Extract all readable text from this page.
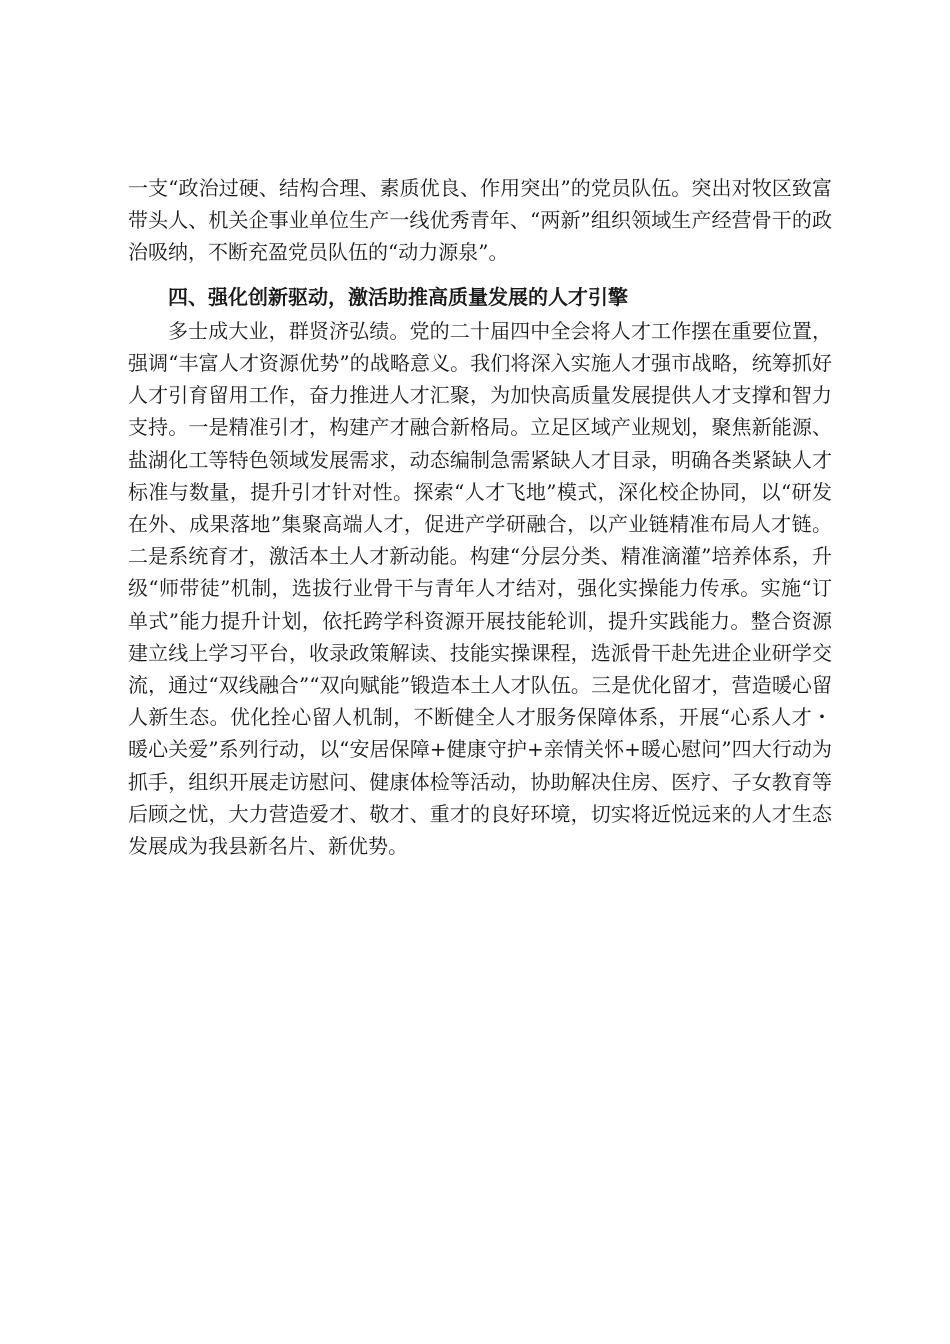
一支“政治过硬、结构合理、素质优良、作用突出”的党员队伍。突出对牧区致富带头人、机关企事业单位生产一线优秀青年、“两新”组织领域生产经营骨干的政治吸纳，不断充盈党员队伍的“动力源泉”。

四、强化创新驱动，激活助推高质量发展的人才引擎

多士成大业，群贤济弘绩。党的二十届四中全会将人才工作摆在重要位置，强调“丰富人才资源优势”的战略意义。我们将深入实施人才强市战略，统筹抓好人才引育留用工作，奋力推进人才汇聚，为加快高质量发展提供人才支撑和智力支持。一是精准引才，构建产才融合新格局。立足区域产业规划，聚焦新能源、盐湖化工等特色领域发展需求，动态编制急需紧缺人才目录，明确各类紧缺人才标准与数量，提升引才针对性。探索“人才飞地”模式，深化校企协同，以“研发在外、成果落地”集聚高端人才，促进产学研融合，以产业链精准布局人才链。二是系统育才，激活本土人才新动能。构建“分层分类、精准滴灌”培养体系，升级“师带徒”机制，选拔行业骨干与青年人才结对，强化实操能力传承。实施“订单式”能力提升计划，依托跨学科资源开展技能轮训，提升实践能力。整合资源建立线上学习平台，收录政策解读、技能实操课程，选派骨干赴先进企业研学交流，通过“双线融合”“双向赋能”锻造本土人才队伍。三是优化留才，营造暖心留人新生态。优化拴心留人机制，不断健全人才服务保障体系，开展“心系人才・暖心关爱”系列行动，以“安居保障+健康守护+亲情关怀+暖心慰问”四大行动为抓手，组织开展走访慰问、健康体检等活动，协助解决住房、医疗、子女教育等后顾之忧，大力营造爱才、敬才、重才的良好环境，切实将近悦远来的人才生态发展成为我县新名片、新优势。
